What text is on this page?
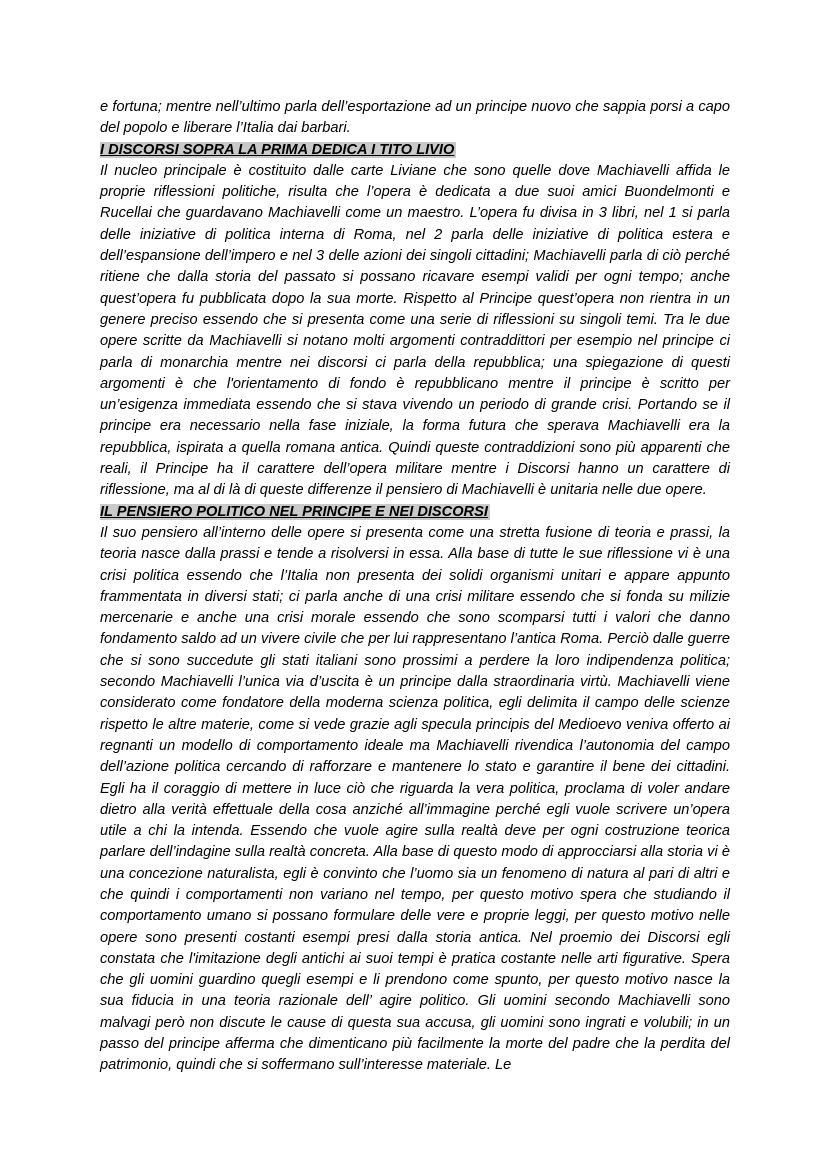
e fortuna; mentre nell’ultimo parla dell’esportazione ad un principe nuovo che sappia porsi a capo del popolo e liberare l’Italia dai barbari.

I DISCORSI SOPRA LA PRIMA DEDICA I TITO LIVIO

Il nucleo principale è costituito dalle carte Liviane che sono quelle dove Machiavelli affida le proprie riflessioni politiche, risulta che l’opera è dedicata a due suoi amici Buondelmonti e Rucellai che guardavano Machiavelli come un maestro. L’opera fu divisa in 3 libri, nel 1 si parla delle iniziative di politica interna di Roma, nel 2 parla delle iniziative di politica estera e dell’espansione dell’impero e nel 3 delle azioni dei singoli cittadini; Machiavelli parla di ciò perché ritiene che dalla storia del passato si possano ricavare esempi validi per ogni tempo; anche quest’opera fu pubblicata dopo la sua morte. Rispetto al Principe quest’opera non rientra in un genere preciso essendo che si presenta come una serie di riflessioni su singoli temi. Tra le due opere scritte da Machiavelli si notano molti argomenti contraddittori per esempio nel principe ci parla di monarchia mentre nei discorsi ci parla della repubblica; una spiegazione di questi argomenti è che l'orientamento di fondo è repubblicano mentre il principe è scritto per un’esigenza immediata essendo che si stava vivendo un periodo di grande crisi. Portando se il principe era necessario nella fase iniziale, la forma futura che sperava Machiavelli era la repubblica, ispirata a quella romana antica. Quindi queste contraddizioni sono più apparenti che reali, il Principe ha il carattere dell’opera militare mentre i Discorsi hanno un carattere di riflessione, ma al di là di queste differenze il pensiero di Machiavelli è unitaria nelle due opere.

IL PENSIERO POLITICO NEL PRINCIPE E NEI DISCORSI

Il suo pensiero all’interno delle opere si presenta come una stretta fusione di teoria e prassi, la teoria nasce dalla prassi e tende a risolversi in essa. Alla base di tutte le sue riflessione vi è una crisi politica essendo che l’Italia non presenta dei solidi organismi unitari e appare appunto frammentata in diversi stati; ci parla anche di una crisi militare essendo che si fonda su milizie mercenarie e anche una crisi morale essendo che sono scomparsi tutti i valori che danno fondamento saldo ad un vivere civile che per lui rappresentano l’antica Roma. Perciò dalle guerre che si sono succedute gli stati italiani sono prossimi a perdere la loro indipendenza politica; secondo Machiavelli l’unica via d’uscita è un principe dalla straordinaria virtù. Machiavelli viene considerato come fondatore della moderna scienza politica, egli delimita il campo delle scienze rispetto le altre materie, come si vede grazie agli specula principis del Medioevo veniva offerto ai regnanti un modello di comportamento ideale ma Machiavelli rivendica l’autonomia del campo dell’azione politica cercando di rafforzare e mantenere lo stato e garantire il bene dei cittadini. Egli ha il coraggio di mettere in luce ciò che riguarda la vera politica, proclama di voler andare dietro alla verità effettuale della cosa anziché all’immagine perché egli vuole scrivere un’opera utile a chi la intenda. Essendo che vuole agire sulla realtà deve per ogni costruzione teorica parlare dell’indagine sulla realtà concreta. Alla base di questo modo di approcciarsi alla storia vi è una concezione naturalista, egli è convinto che l’uomo sia un fenomeno di natura al pari di altri e che quindi i comportamenti non variano nel tempo, per questo motivo spera che studiando il comportamento umano si possano formulare delle vere e proprie leggi, per questo motivo nelle opere sono presenti costanti esempi presi dalla storia antica. Nel proemio dei Discorsi egli constata che l'imitazione degli antichi ai suoi tempi è pratica costante nelle arti figurative. Spera che gli uomini guardino quegli esempi e li prendono come spunto, per questo motivo nasce la sua fiducia in una teoria razionale dell’ agire politico. Gli uomini secondo Machiavelli sono malvagi però non discute le cause di questa sua accusa, gli uomini sono ingrati e volubili; in un passo del principe afferma che dimenticano più facilmente la morte del padre che la perdita del patrimonio, quindi che si soffermano sull’interesse materiale. Le
